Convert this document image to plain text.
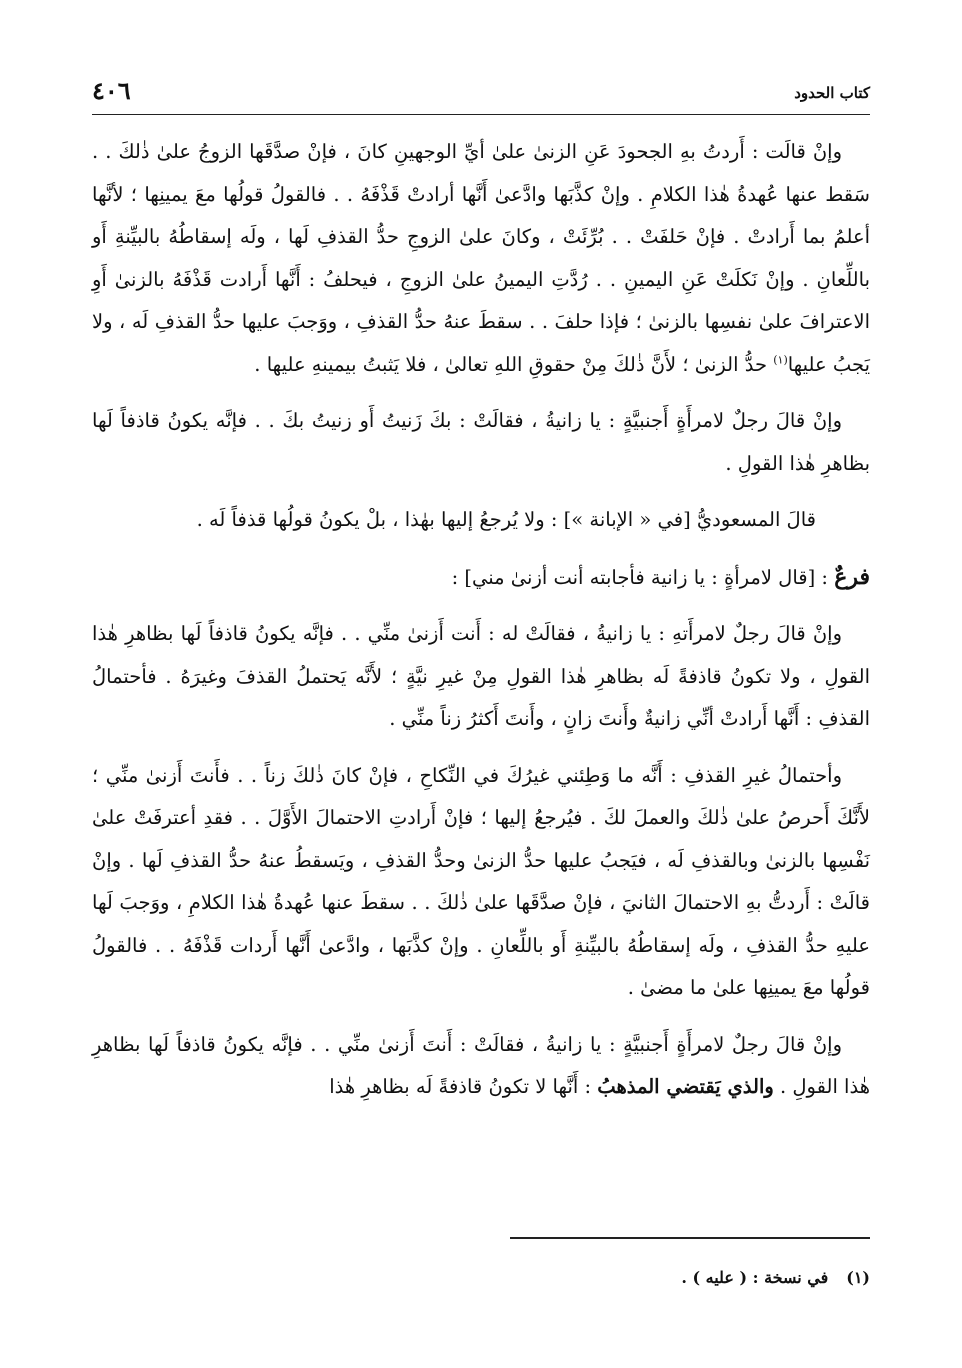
كتاب الحدود
٤٠٦

وإنْ قالَت : أَردتُ بهِ الجحودَ عَنِ الزنىٰ علىٰ أيِّ الوجهينِ كانَ ، فإنْ صدَّقَها الزوجُ علىٰ ذٰلكَ . . سَقط عنها عُهدةُ هٰذا الكلامِ . وإنْ كذَّبَها وادَّعىٰ أَنَّها أرادتْ قَذْفَهُ . . فالقولُ قولُها معَ يمينِها ؛ لأنَّها أعلمُ بما أَرادتْ . فإنْ حَلفَتْ . . بُرِّئَتْ ، وكانَ علىٰ الزوجِ حدُّ القذفِ لَها ، ولَه إسقاطُهُ بالبيِّنةِ أَو باللِّعانِ . وإنْ نَكلَتْ عَنِ اليمينِ . . رُدَّتِ اليمينُ علىٰ الزوجِ ، فيحلفُ : أَنَّها أَرادت قَذْفَهُ بالزنىٰ أَوِ الاعترافَ علىٰ نفسِها بالزنىٰ ؛ فإذا حلفَ . . سقطَ عنهُ حدُّ القذفِ ، ووَجبَ عليها حدُّ القذفِ لَه ، ولا يَجبُ عليها$^{(١)}$ حدُّ الزنىٰ ؛ لأَنَّ ذٰلكَ مِنْ حقوقِ اللهِ تعالىٰ ، فلا يَثبتُ بيمينهِ عليها .

وإنْ قالَ رجلٌ لامرأَةٍ أَجنبيَّةٍ : يا زانيةُ ، فقالَتْ : بكَ زَنيتُ أَو زنيتُ بكَ . . فإنَّه يكونُ قاذفاً لَها بظاهرِ هٰذا القولِ .

قالَ المسعوديُّ [في « الإبانة »] : ولا يُرجعُ إليها بهٰذا ، بلْ يكونُ قولُها قذفاً لَه .

فرعٌ : [قال لامرأةٍ : يا زانية فأجابته أنت أزنىٰ مني] :

وإنْ قالَ رجلٌ لامرأَتهِ : يا زانيةُ ، فقالَتْ له : أَنت أَزنىٰ منِّي . . فإنَّه يكونُ قاذفاً لَها بظاهرِ هٰذا القولِ ، ولا تكونُ قاذفةً لَه بظاهرِ هٰذا القولِ مِنْ غيرِ نيَّةٍ ؛ لأَنَّه يَحتملُ القذفَ وغيرَهُ . فأحتمالُ القذفِ : أَنَّها أَرادتْ أنِّي زانيةٌ وأَنتَ زانٍ ، وأَنتَ أَكثرُ زناً منِّي .

وأحتمالُ غيرِ القذفِ : أَنَّه ما وَطِئني غيرُكَ في النِّكاحِ ، فإنْ كانَ ذٰلكَ زناً . . فأَنتَ أَزنىٰ منِّي ؛ لأَنَّكَ أَحرصُ علىٰ ذٰلكَ والعملَ لكَ . فيُرجعُ إليها ؛ فإنْ أَرادتِ الاحتمالَ الأَوَّلَ . . فقدِ أعترفَتْ علىٰ نَفْسِها بالزنىٰ وبالقذفِ لَه ، فيَجبُ عليها حدُّ الزنىٰ وحدُّ القذفِ ، ويَسقطُ عنهُ حدُّ القذفِ لَها . وإنْ قالَتْ : أَردتُّ بهِ الاحتمالَ الثانيَ ، فإنْ صدَّقَها علىٰ ذٰلكَ . . سقطَ عنها عُهدةُ هٰذا الكلامِ ، ووَجبَ لَها عليهِ حدُّ القذفِ ، ولَه إسقاطُهُ بالبيِّنةِ أَو باللِّعانِ . وإنْ كذَّبَها ، وادَّعىٰ أَنَّها أَردات قَذْفَهُ . . فالقولُ قولُها معَ يمينِها علىٰ ما مضىٰ .

وإنْ قالَ رجلٌ لامرأَةٍ أَجنبيَّةٍ : يا زانيةُ ، فقالَتْ : أَنتَ أَزنىٰ منِّي . . فإنَّه يكونُ قاذفاً لَها بظاهرِ هٰذا القولِ . والذي يَقتضي المذهبُ : أَنَّها لا تكونُ قاذفةً لَه بظاهرِ هٰذا

(١)في نسخة : ( عليه ) .
